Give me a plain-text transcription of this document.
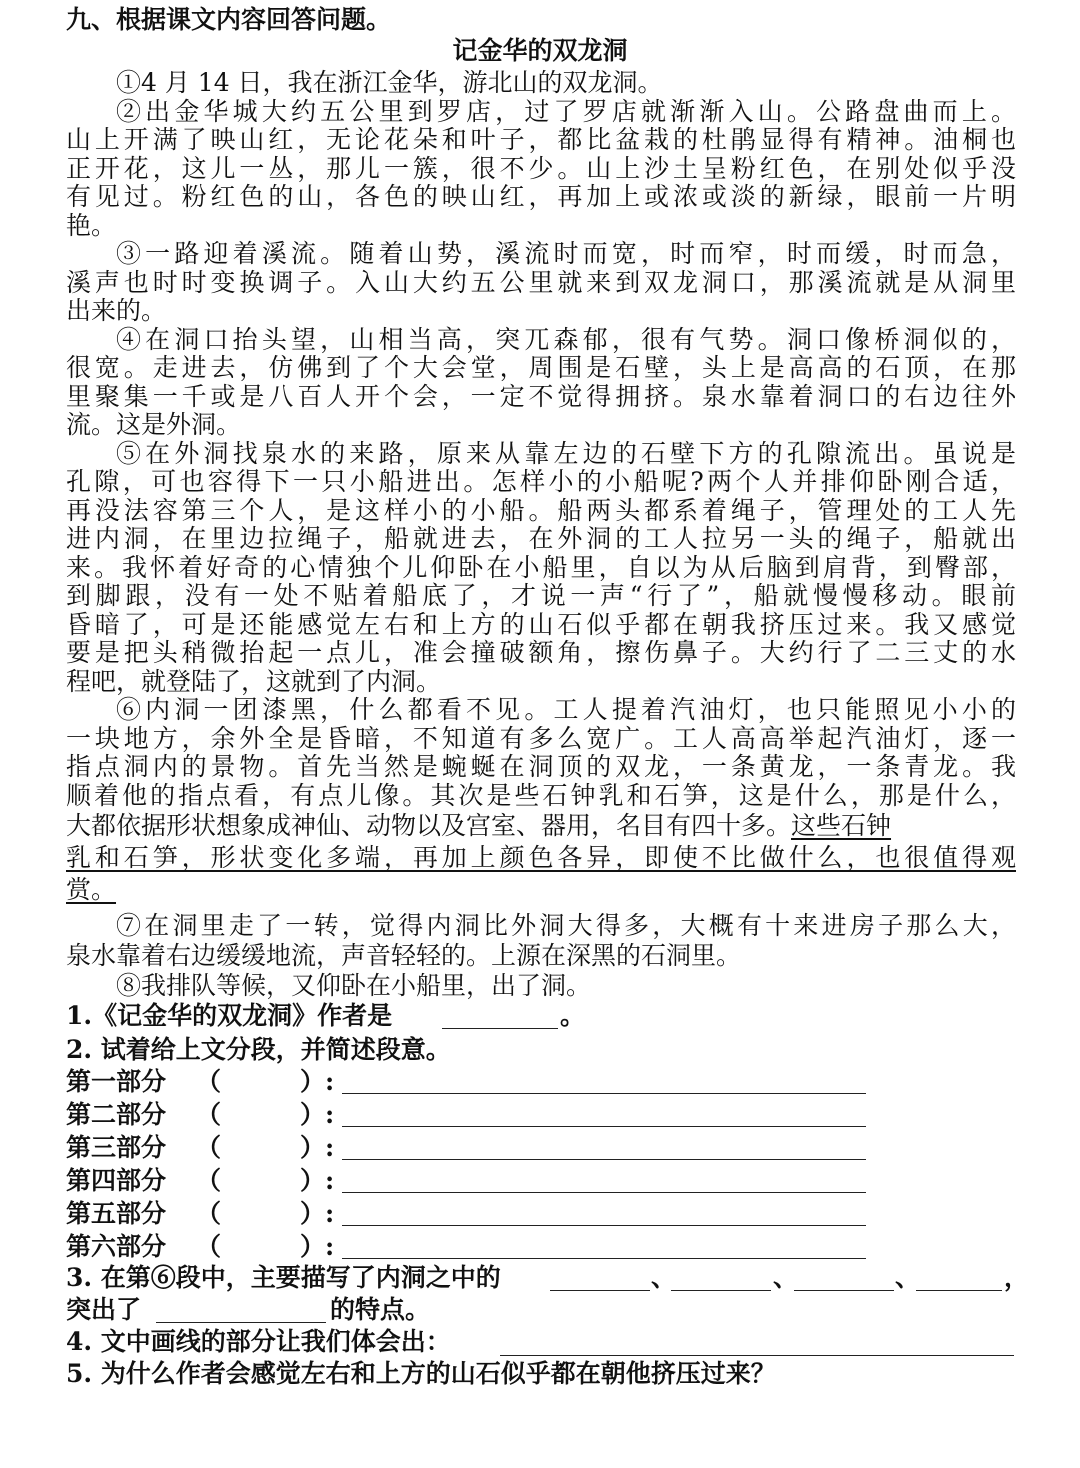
九、根据课文内容回答问题。
记金华的双龙洞
①4 月 14 日，我在浙江金华，游北山的双龙洞。
②出金华城大约五公里到罗店，过了罗店就渐渐入山。公路盘曲而上。
山上开满了映山红，无论花朵和叶子，都比盆栽的杜鹃显得有精神。油桐也
正开花，这儿一丛，那儿一簇，很不少。山上沙土呈粉红色，在别处似乎没
有见过。粉红色的山，各色的映山红，再加上或浓或淡的新绿，眼前一片明
艳。
③一路迎着溪流。随着山势，溪流时而宽，时而窄，时而缓，时而急，
溪声也时时变换调子。入山大约五公里就来到双龙洞口，那溪流就是从洞里
出来的。
④在洞口抬头望，山相当高，突兀森郁，很有气势。洞口像桥洞似的，
很宽。走进去，仿佛到了个大会堂，周围是石壁，头上是高高的石顶，在那
里聚集一千或是八百人开个会，一定不觉得拥挤。泉水靠着洞口的右边往外
流。这是外洞。
⑤在外洞找泉水的来路，原来从靠左边的石壁下方的孔隙流出。虽说是
孔隙，可也容得下一只小船进出。怎样小的小船呢?两个人并排仰卧刚合适，
再没法容第三个人，是这样小的小船。船两头都系着绳子，管理处的工人先
进内洞，在里边拉绳子，船就进去，在外洞的工人拉另一头的绳子，船就出
来。我怀着好奇的心情独个儿仰卧在小船里，自以为从后脑到肩背，到臀部，
到脚跟，没有一处不贴着船底了，才说一声“行了”，船就慢慢移动。眼前
昏暗了，可是还能感觉左右和上方的山石似乎都在朝我挤压过来。我又感觉
要是把头稍微抬起一点儿，准会撞破额角，擦伤鼻子。大约行了二三丈的水
程吧，就登陆了，这就到了内洞。
⑥内洞一团漆黑，什么都看不见。工人提着汽油灯，也只能照见小小的
一块地方，余外全是昏暗，不知道有多么宽广。工人高高举起汽油灯，逐一
指点洞内的景物。首先当然是蜿蜒在洞顶的双龙，一条黄龙，一条青龙。我
顺着他的指点看，有点儿像。其次是些石钟乳和石笋，这是什么，那是什么，
大都依据形状想象成神仙、动物以及宫室、器用，名目有四十多。这些石钟
乳和石笋，形状变化多端，再加上颜色各异，即使不比做什么，也很值得观
赏。
⑦在洞里走了一转，觉得内洞比外洞大得多，大概有十来进房子那么大，
泉水靠着右边缓缓地流，声音轻轻的。上源在深黑的石洞里。
⑧我排队等候，又仰卧在小船里，出了洞。
1.《记金华的双龙洞》作者是	。
2. 试着给上文分段，并简述段意。
第一部分 （	）:
第二部分 （	）:
第三部分 （	）:
第四部分 （	）:
第五部分 （	）:
第六部分 （	）:
3. 在第⑥段中，主要描写了内洞之中的	、	、	、	，
突出了	的特点。
4. 文中画线的部分让我们体会出：
5. 为什么作者会感觉左右和上方的山石似乎都在朝他挤压过来？
